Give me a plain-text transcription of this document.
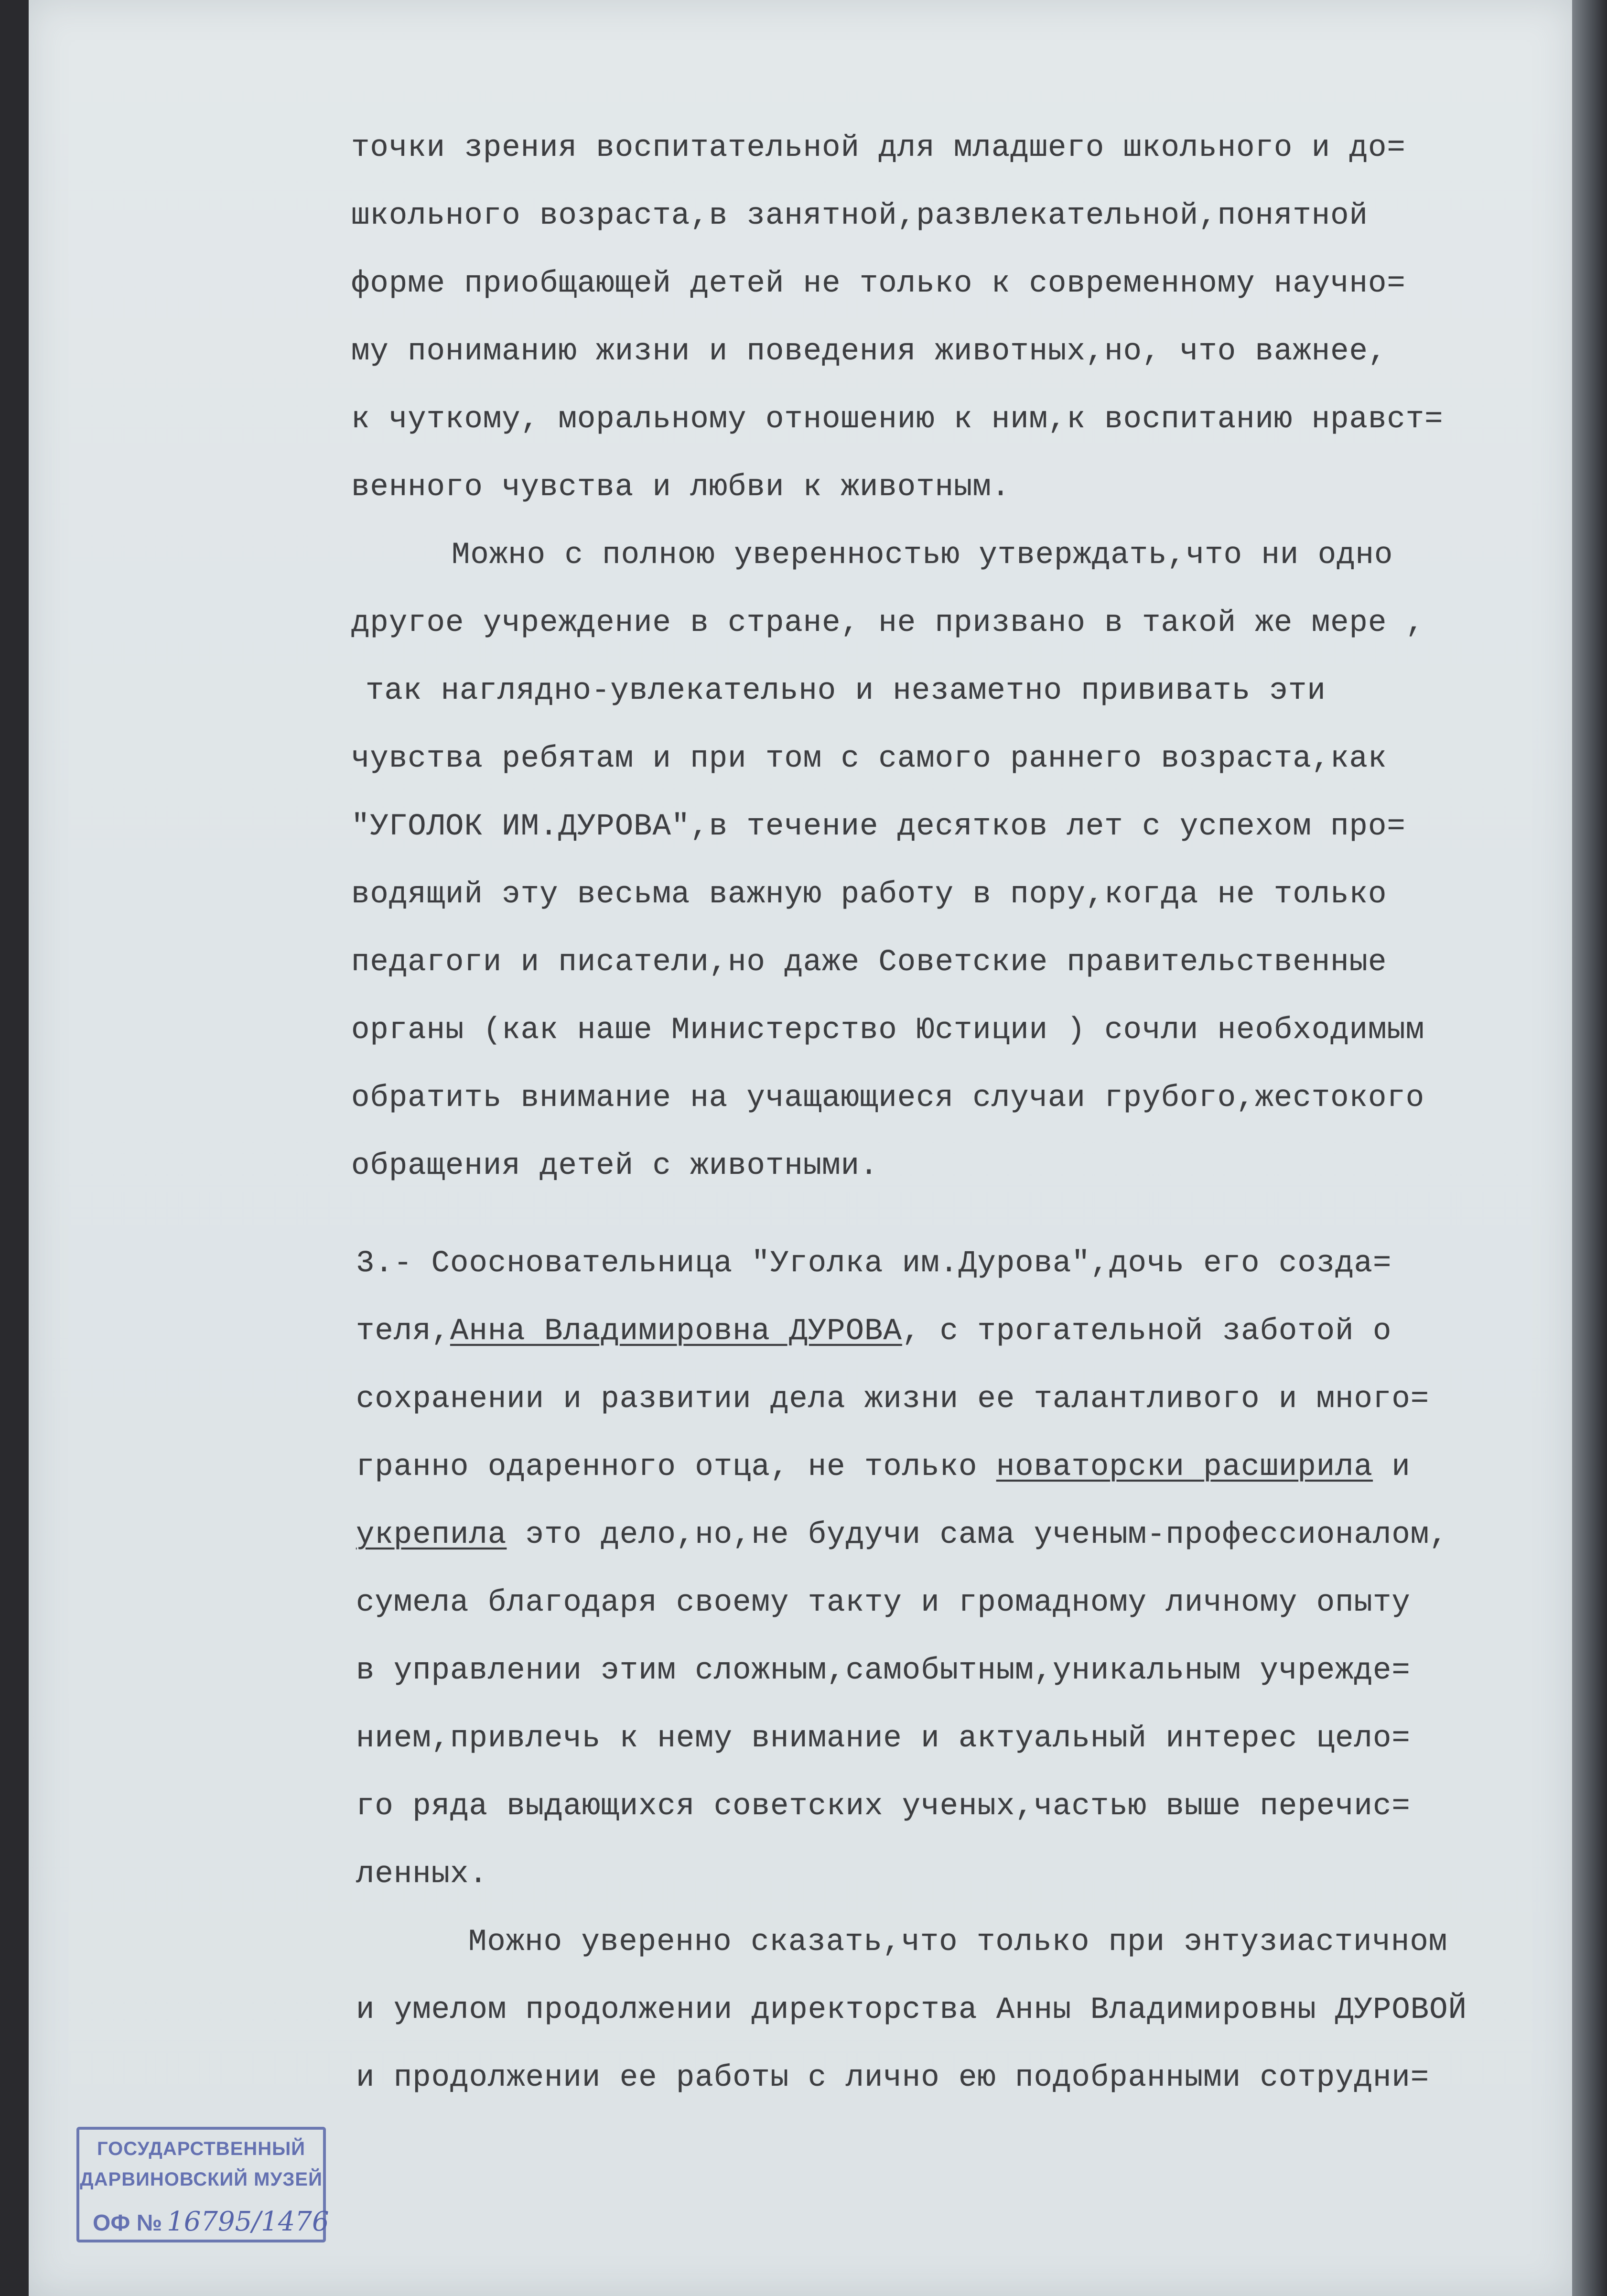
точки зрения воспитательной для младшего школьного и до=
школьного возраста,в занятной,развлекательной,понятной
форме приобщающей детей не только к современному научно=
му пониманию жизни и поведения животных,но, что важнее,
к чуткому, моральному отношению к ним,к воспитанию нравст=
венного чувства и любви к животным.
Можно с полною уверенностью утверждать,что ни одно
другое учреждение в стране, не призвано в такой же мере ,
так наглядно-увлекательно и незаметно прививать эти
чувства ребятам и при том с самого раннего возраста,как
"УГОЛОК ИМ.ДУРОВА",в течение десятков лет с успехом про=
водящий эту весьма важную работу в пору,когда не только
педагоги и писатели,но даже Советские правительственные
органы (как наше Министерство Юстиции ) сочли необходимым
обратить внимание на учащающиеся случаи грубого,жестокого
обращения детей с животными.
3.- Соосновательница "Уголка им.Дурова",дочь его созда=
теля,Анна Владимировна ДУРОВА, с трогательной заботой о
сохранении и развитии дела жизни ее талантливого и много=
гранно одаренного отца, не только новаторски расширила и
укрепила это дело,но,не будучи сама ученым-профессионалом,
сумела благодаря своему такту и громадному личному опыту
в управлении этим сложным,самобытным,уникальным учрежде=
нием,привлечь к нему внимание и актуальный интерес цело=
го ряда выдающихся советских ученых,частью выше перечис=
ленных.
Можно уверенно сказать,что только при энтузиастичном
и умелом продолжении директорства Анны Владимировны ДУРОВОЙ
и продолжении ее работы с лично ею подобранными сотрудни=
ГОСУДАРСТВЕННЫЙ
ДАРВИНОВСКИЙ МУЗЕЙ
ОФ № 16795/1476
